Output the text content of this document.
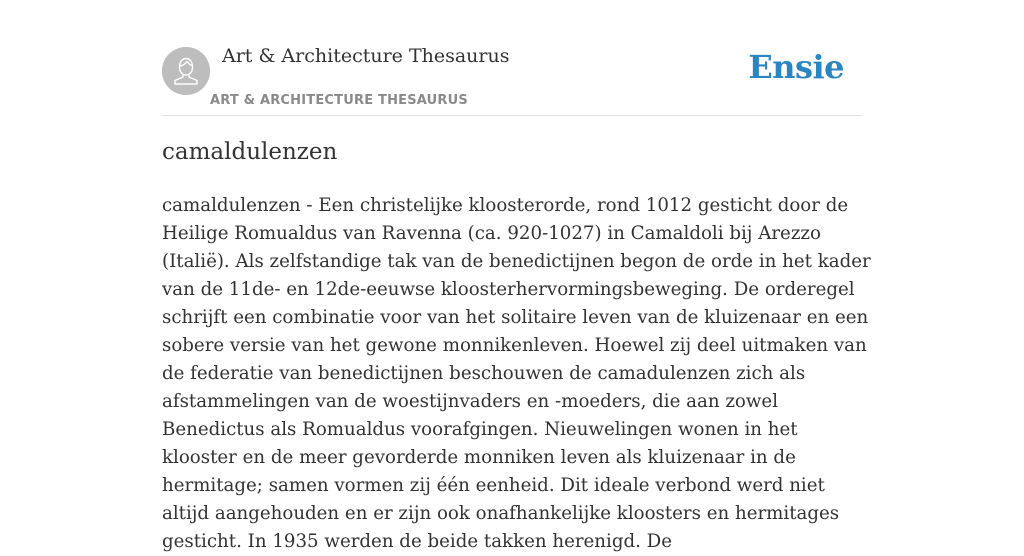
Art & Architecture Thesaurus
ART & ARCHITECTURE THESAURUS
Ensie
camaldulenzen

camaldulenzen - Een christelijke kloosterorde, rond 1012 gesticht door de Heilige Romualdus van Ravenna (ca. 920-1027) in Camaldoli bij Arezzo (Italië). Als zelfstandige tak van de benedictijnen begon de orde in het kader van de 11de- en 12de-eeuwse kloosterhervormingsbeweging. De orderegel schrijft een combinatie voor van het solitaire leven van de kluizenaar en een sobere versie van het gewone monnikenleven. Hoewel zij deel uitmaken van de federatie van benedictijnen beschouwen de camadulenzen zich als afstammelingen van de woestijnvaders en -moeders, die aan zowel Benedictus als Romualdus voorafgingen. Nieuwelingen wonen in het klooster en de meer gevorderde monniken leven als kluizenaar in de hermitage; samen vormen zij één eenheid. Dit ideale verbond werd niet altijd aangehouden en er zijn ook onafhankelijke kloosters en hermitages gesticht. In 1935 werden de beide takken herenigd. De
